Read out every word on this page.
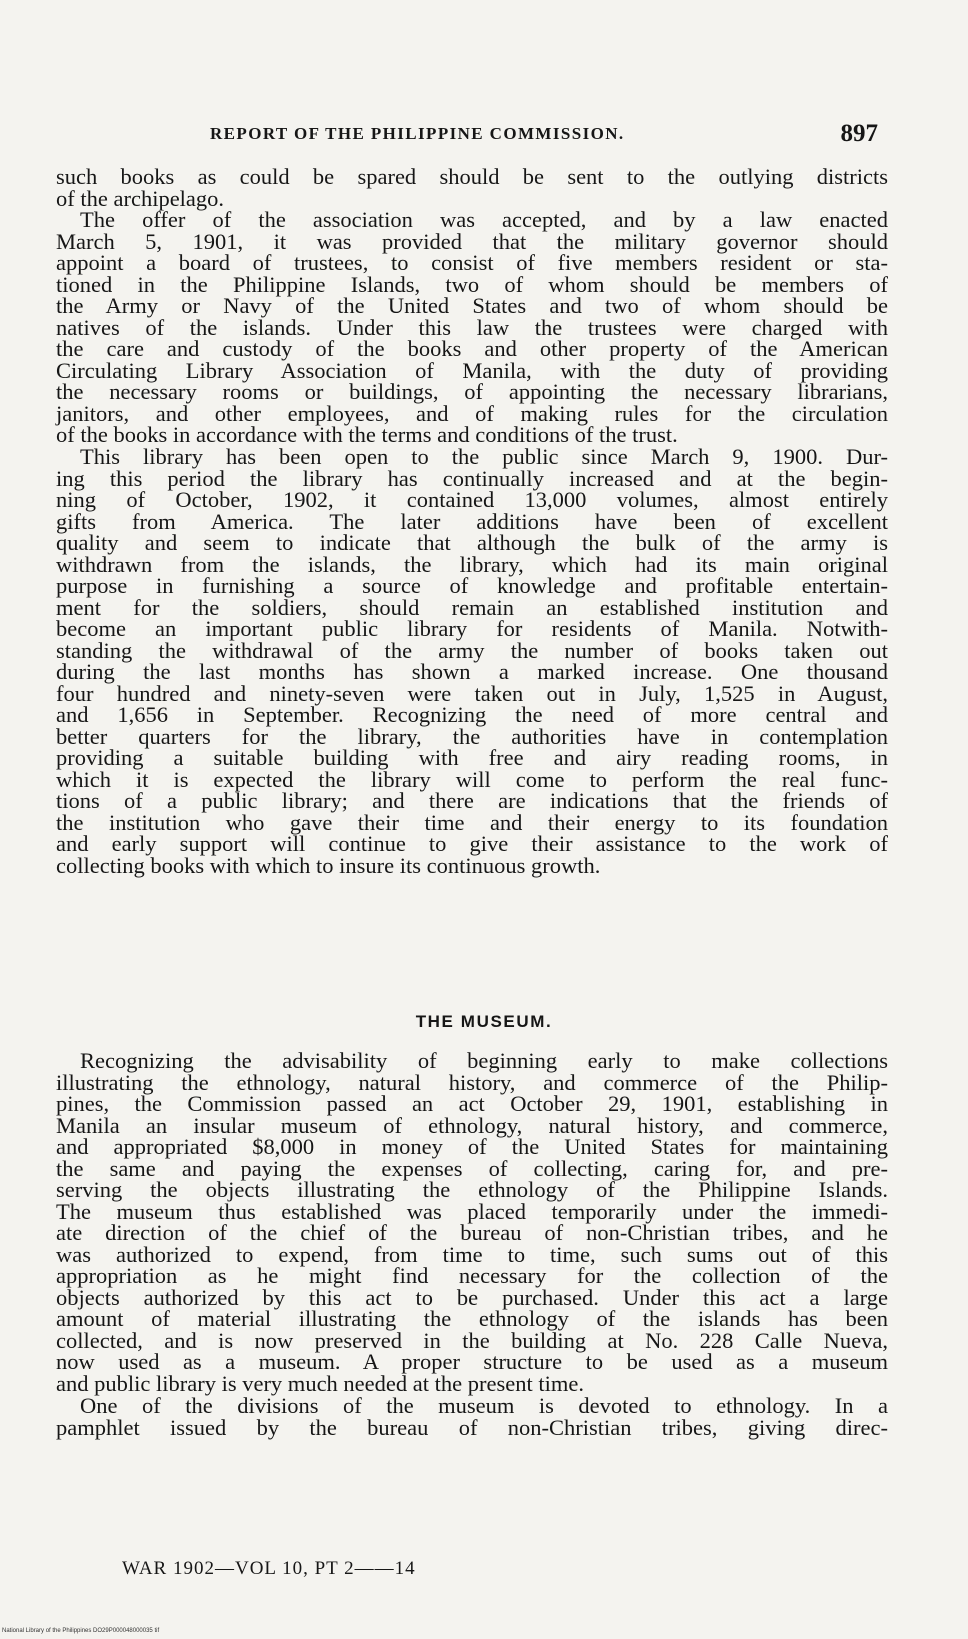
REPORT OF THE PHILIPPINE COMMISSION.	897
such books as could be spared should be sent to the outlying districts
of the archipelago.
The offer of the association was accepted, and by a law enacted
March 5, 1901, it was provided that the military governor should
appoint a board of trustees, to consist of five members resident or sta-
tioned in the Philippine Islands, two of whom should be members of
the Army or Navy of the United States and two of whom should be
natives of the islands. Under this law the trustees were charged with
the care and custody of the books and other property of the American
Circulating Library Association of Manila, with the duty of providing
the necessary rooms or buildings, of appointing the necessary librarians,
janitors, and other employees, and of making rules for the circulation
of the books in accordance with the terms and conditions of the trust.
This library has been open to the public since March 9, 1900. Dur-
ing this period the library has continually increased and at the begin-
ning of October, 1902, it contained 13,000 volumes, almost entirely
gifts from America. The later additions have been of excellent
quality and seem to indicate that although the bulk of the army is
withdrawn from the islands, the library, which had its main original
purpose in furnishing a source of knowledge and profitable entertain-
ment for the soldiers, should remain an established institution and
become an important public library for residents of Manila. Notwith-
standing the withdrawal of the army the number of books taken out
during the last months has shown a marked increase. One thousand
four hundred and ninety-seven were taken out in July, 1,525 in August,
and 1,656 in September. Recognizing the need of more central and
better quarters for the library, the authorities have in contemplation
providing a suitable building with free and airy reading rooms, in
which it is expected the library will come to perform the real func-
tions of a public library; and there are indications that the friends of
the institution who gave their time and their energy to its foundation
and early support will continue to give their assistance to the work of
collecting books with which to insure its continuous growth.
THE MUSEUM.
Recognizing the advisability of beginning early to make collections
illustrating the ethnology, natural history, and commerce of the Philip-
pines, the Commission passed an act October 29, 1901, establishing in
Manila an insular museum of ethnology, natural history, and commerce,
and appropriated $8,000 in money of the United States for maintaining
the same and paying the expenses of collecting, caring for, and pre-
serving the objects illustrating the ethnology of the Philippine Islands.
The museum thus established was placed temporarily under the immedi-
ate direction of the chief of the bureau of non-Christian tribes, and he
was authorized to expend, from time to time, such sums out of this
appropriation as he might find necessary for the collection of the
objects authorized by this act to be purchased. Under this act a large
amount of material illustrating the ethnology of the islands has been
collected, and is now preserved in the building at No. 228 Calle Nueva,
now used as a museum. A proper structure to be used as a museum
and public library is very much needed at the present time.
One of the divisions of the museum is devoted to ethnology. In a
pamphlet issued by the bureau of non-Christian tribes, giving direc-
WAR 1902—VOL 10, PT 2——14
National Library of the Philippines DO29P000048000035 tif
